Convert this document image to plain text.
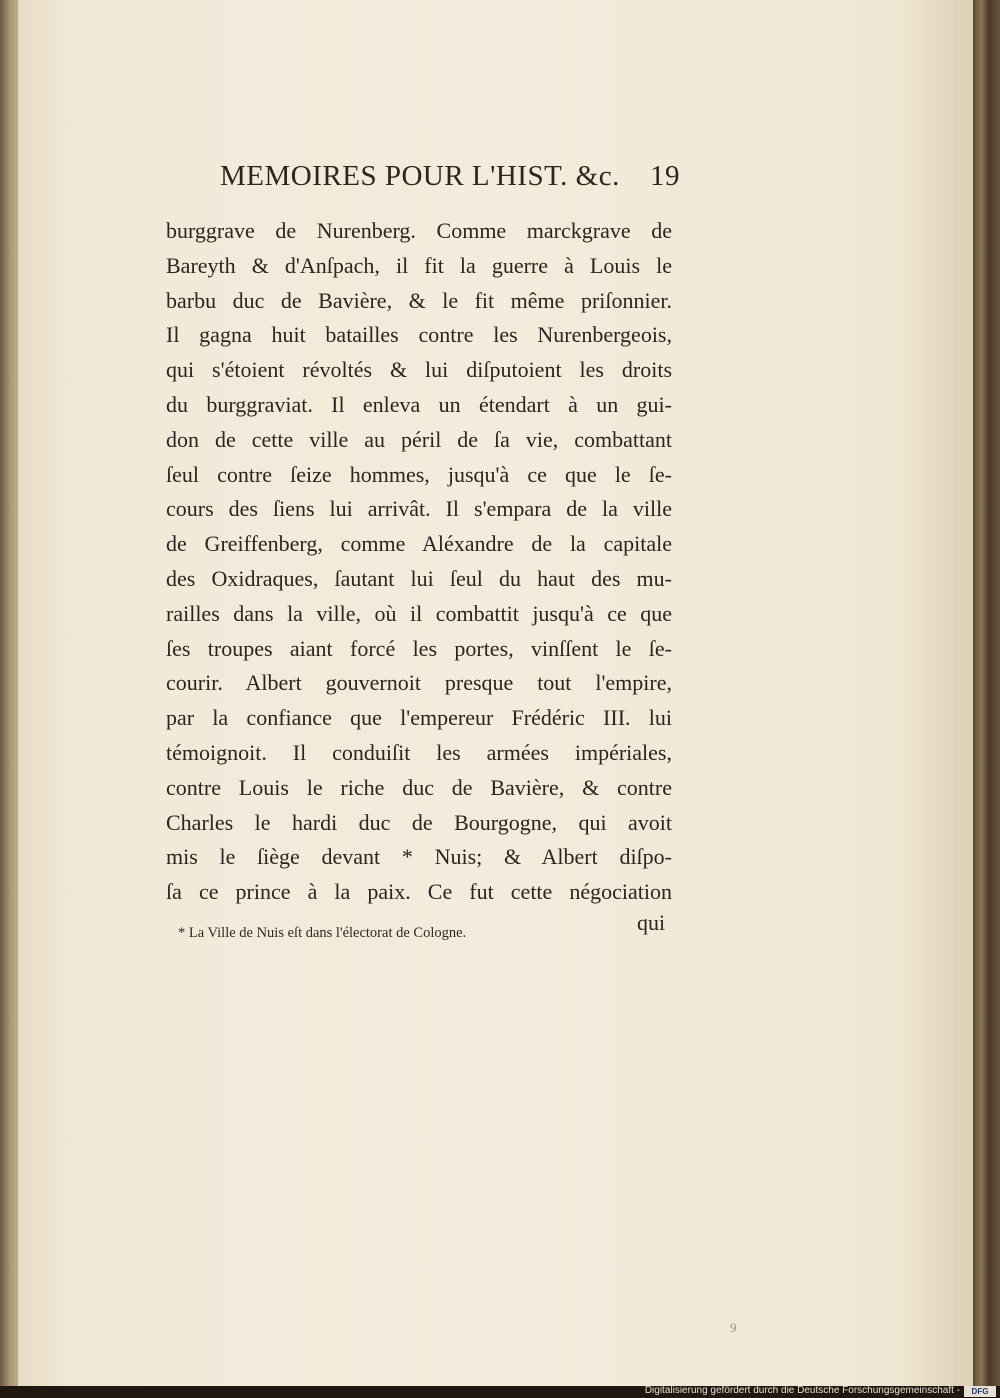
MEMOIRES POUR L'HIST. &c. 19
burggrave de Nurenberg. Comme marckgrave de
Bareyth & d'Anſpach, il fit la guerre à Louis le
barbu duc de Bavière, & le fit même priſonnier.
Il gagna huit batailles contre les Nurenbergeois,
qui s'étoient révoltés & lui diſputoient les droits
du burggraviat. Il enleva un étendart à un gui-
don de cette ville au péril de ſa vie, combattant
ſeul contre ſeize hommes, jusqu'à ce que le ſe-
cours des ſiens lui arrivât. Il s'empara de la ville
de Greiffenberg, comme Aléxandre de la capitale
des Oxidraques, ſautant lui ſeul du haut des mu-
railles dans la ville, où il combattit jusqu'à ce que
ſes troupes aiant forcé les portes, vinſſent le ſe-
courir. Albert gouvernoit presque tout l'empire,
par la confiance que l'empereur Frédéric III. lui
témoignoit. Il conduiſit les armées impériales,
contre Louis le riche duc de Bavière, & contre
Charles le hardi duc de Bourgogne, qui avoit
mis le ſiège devant * Nuis; & Albert diſpo-
ſa ce prince à la paix. Ce fut cette négociation
* La Ville de Nuis eſt dans l'électorat de Cologne.	qui
9
Digitalisierung gefördert durch die Deutsche Forschungsgemeinschaft -	DFG
